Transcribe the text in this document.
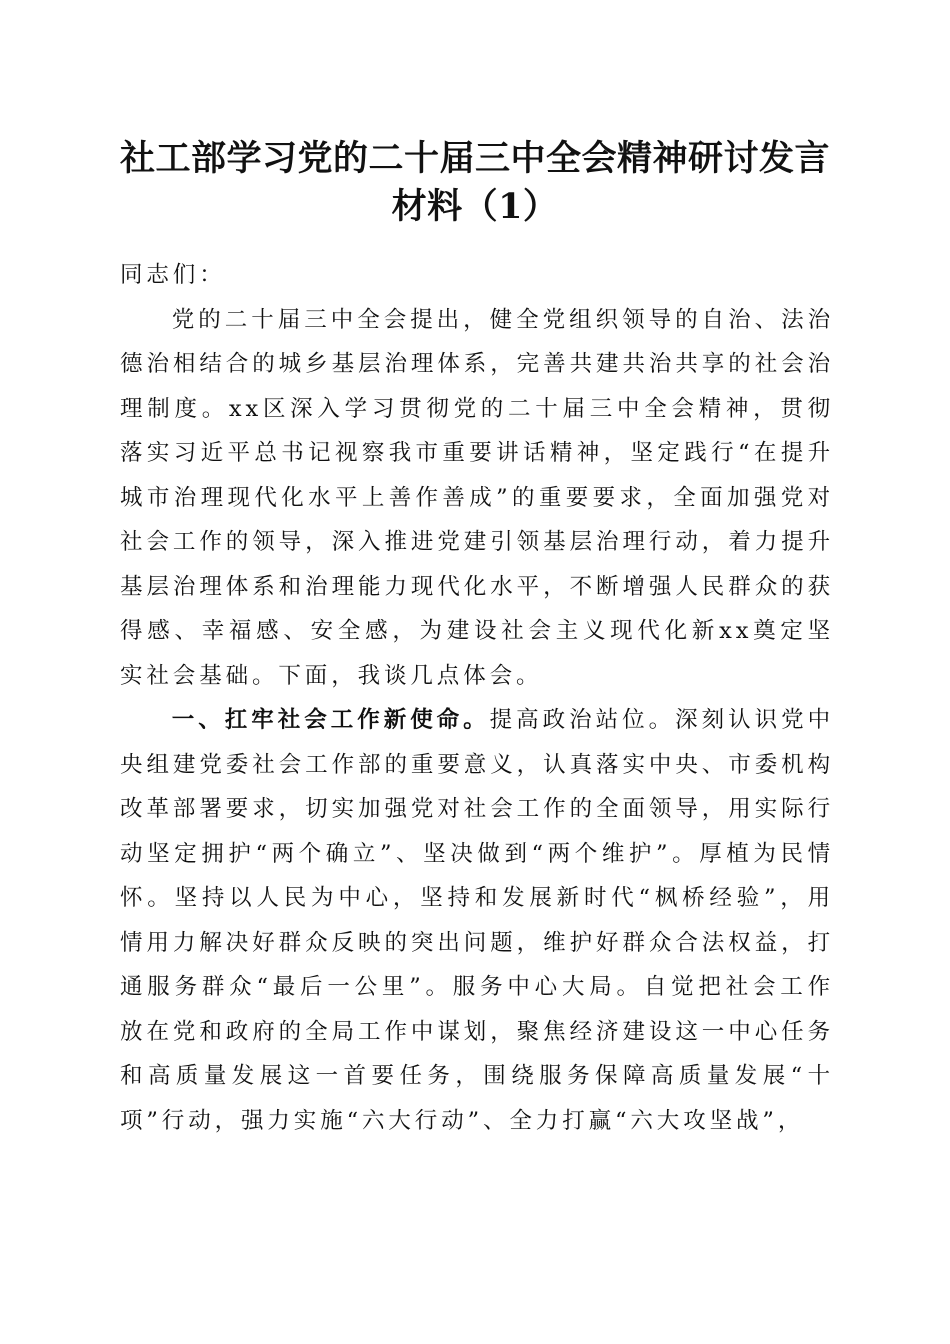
社工部学习党的二十届三中全会精神研讨发言
材料（1）

同志们：

党的二十届三中全会提出，健全党组织领导的自治、法治德治相结合的城乡基层治理体系，完善共建共治共享的社会治理制度。xx区深入学习贯彻党的二十届三中全会精神，贯彻落实习近平总书记视察我市重要讲话精神，坚定践行“在提升城市治理现代化水平上善作善成”的重要要求，全面加强党对社会工作的领导，深入推进党建引领基层治理行动，着力提升基层治理体系和治理能力现代化水平，不断增强人民群众的获得感、幸福感、安全感，为建设社会主义现代化新xx奠定坚实社会基础。下面，我谈几点体会。

一、扛牢社会工作新使命。提高政治站位。深刻认识党中央组建党委社会工作部的重要意义，认真落实中央、市委机构改革部署要求，切实加强党对社会工作的全面领导，用实际行动坚定拥护“两个确立”、坚决做到“两个维护”。厚植为民情怀。坚持以人民为中心，坚持和发展新时代“枫桥经验”，用情用力解决好群众反映的突出问题，维护好群众合法权益，打通服务群众“最后一公里”。服务中心大局。自觉把社会工作放在党和政府的全局工作中谋划，聚焦经济建设这一中心任务和高质量发展这一首要任务，围绕服务保障高质量发展“十项”行动，强力实施“六大行动”、全力打赢“六大攻坚战”，
